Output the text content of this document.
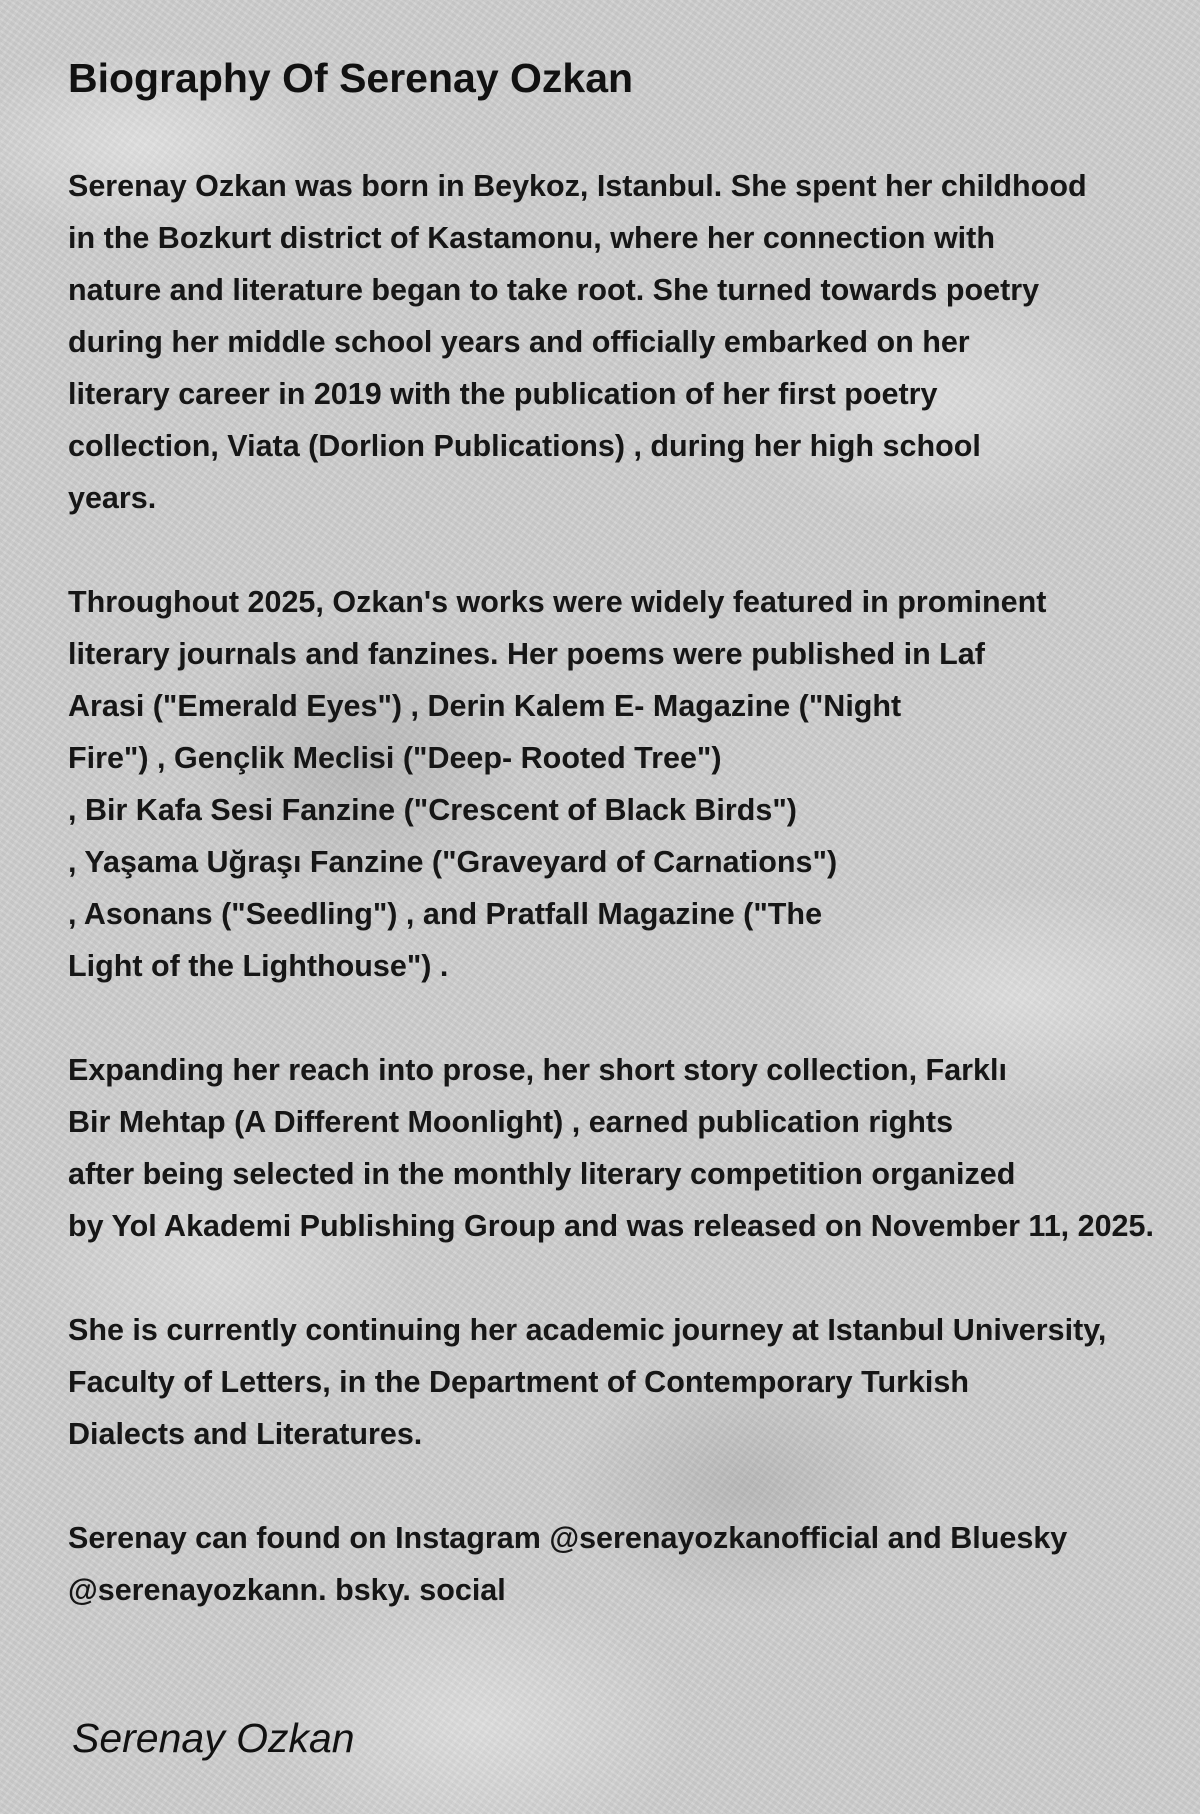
Biography Of Serenay Ozkan
Serenay Ozkan was born in Beykoz, Istanbul. She spent her childhood
in the Bozkurt district of Kastamonu, where her connection with
nature and literature began to take root. She turned towards poetry
during her middle school years and officially embarked on her
literary career in 2019 with the publication of her first poetry
collection, Viata (Dorlion Publications) , during her high school
years.
Throughout 2025, Ozkan's works were widely featured in prominent
literary journals and fanzines. Her poems were published in Laf
Arasi ("Emerald Eyes") , Derin Kalem E- Magazine ("Night
Fire") , Gençlik Meclisi ("Deep- Rooted Tree")
, Bir Kafa Sesi Fanzine ("Crescent of Black Birds")
, Yaşama Uğraşı Fanzine ("Graveyard of Carnations")
, Asonans ("Seedling") , and Pratfall Magazine ("The
Light of the Lighthouse") .
Expanding her reach into prose, her short story collection, Farklı
Bir Mehtap (A Different Moonlight) , earned publication rights
after being selected in the monthly literary competition organized
by Yol Akademi Publishing Group and was released on November 11, 2025.
She is currently continuing her academic journey at Istanbul University,
Faculty of Letters, in the Department of Contemporary Turkish
Dialects and Literatures.
Serenay can found on Instagram @serenayozkanofficial and Bluesky
@serenayozkann. bsky. social
Serenay Ozkan
